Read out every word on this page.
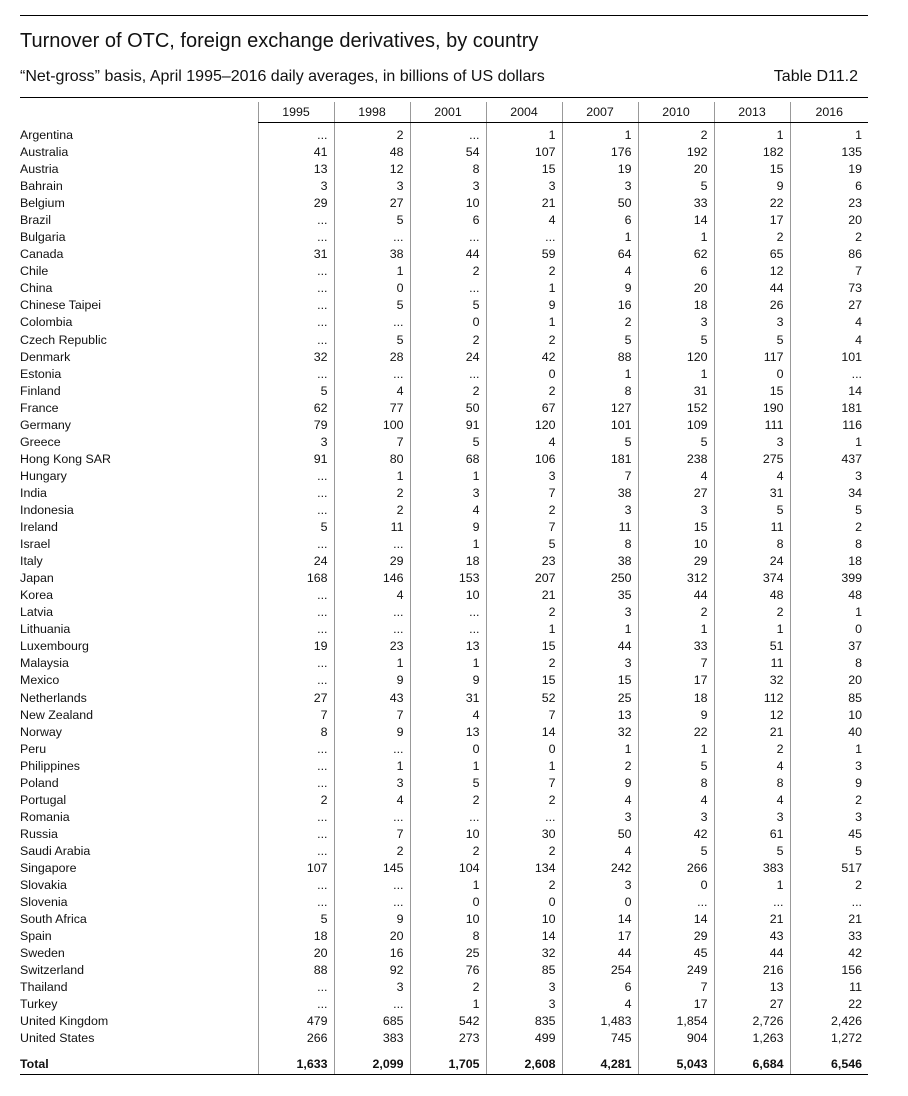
Turnover of OTC, foreign exchange derivatives, by country
“Net-gross” basis, April 1995–2016 daily averages, in billions of US dollars	Table D11.2
	1995	1998	2001	2004	2007	2010	2013	2016
Argentina	...	2	...	1	1	2	1	1
Australia	41	48	54	107	176	192	182	135
Austria	13	12	8	15	19	20	15	19
Bahrain	3	3	3	3	3	5	9	6
Belgium	29	27	10	21	50	33	22	23
Brazil	...	5	6	4	6	14	17	20
Bulgaria	...	...	...	...	1	1	2	2
Canada	31	38	44	59	64	62	65	86
Chile	...	1	2	2	4	6	12	7
China	...	0	...	1	9	20	44	73
Chinese Taipei	...	5	5	9	16	18	26	27
Colombia	...	...	0	1	2	3	3	4
Czech Republic	...	5	2	2	5	5	5	4
Denmark	32	28	24	42	88	120	117	101
Estonia	...	...	...	0	1	1	0	...
Finland	5	4	2	2	8	31	15	14
France	62	77	50	67	127	152	190	181
Germany	79	100	91	120	101	109	111	116
Greece	3	7	5	4	5	5	3	1
Hong Kong SAR	91	80	68	106	181	238	275	437
Hungary	...	1	1	3	7	4	4	3
India	...	2	3	7	38	27	31	34
Indonesia	...	2	4	2	3	3	5	5
Ireland	5	11	9	7	11	15	11	2
Israel	...	...	1	5	8	10	8	8
Italy	24	29	18	23	38	29	24	18
Japan	168	146	153	207	250	312	374	399
Korea	...	4	10	21	35	44	48	48
Latvia	...	...	...	2	3	2	2	1
Lithuania	...	...	...	1	1	1	1	0
Luxembourg	19	23	13	15	44	33	51	37
Malaysia	...	1	1	2	3	7	11	8
Mexico	...	9	9	15	15	17	32	20
Netherlands	27	43	31	52	25	18	112	85
New Zealand	7	7	4	7	13	9	12	10
Norway	8	9	13	14	32	22	21	40
Peru	...	...	0	0	1	1	2	1
Philippines	...	1	1	1	2	5	4	3
Poland	...	3	5	7	9	8	8	9
Portugal	2	4	2	2	4	4	4	2
Romania	...	...	...	...	3	3	3	3
Russia	...	7	10	30	50	42	61	45
Saudi Arabia	...	2	2	2	4	5	5	5
Singapore	107	145	104	134	242	266	383	517
Slovakia	...	...	1	2	3	0	1	2
Slovenia	...	...	0	0	0	...	...	...
South Africa	5	9	10	10	14	14	21	21
Spain	18	20	8	14	17	29	43	33
Sweden	20	16	25	32	44	45	44	42
Switzerland	88	92	76	85	254	249	216	156
Thailand	...	3	2	3	6	7	13	11
Turkey	...	...	1	3	4	17	27	22
United Kingdom	479	685	542	835	1,483	1,854	2,726	2,426
United States	266	383	273	499	745	904	1,263	1,272

Total	1,633	2,099	1,705	2,608	4,281	5,043	6,684	6,546
